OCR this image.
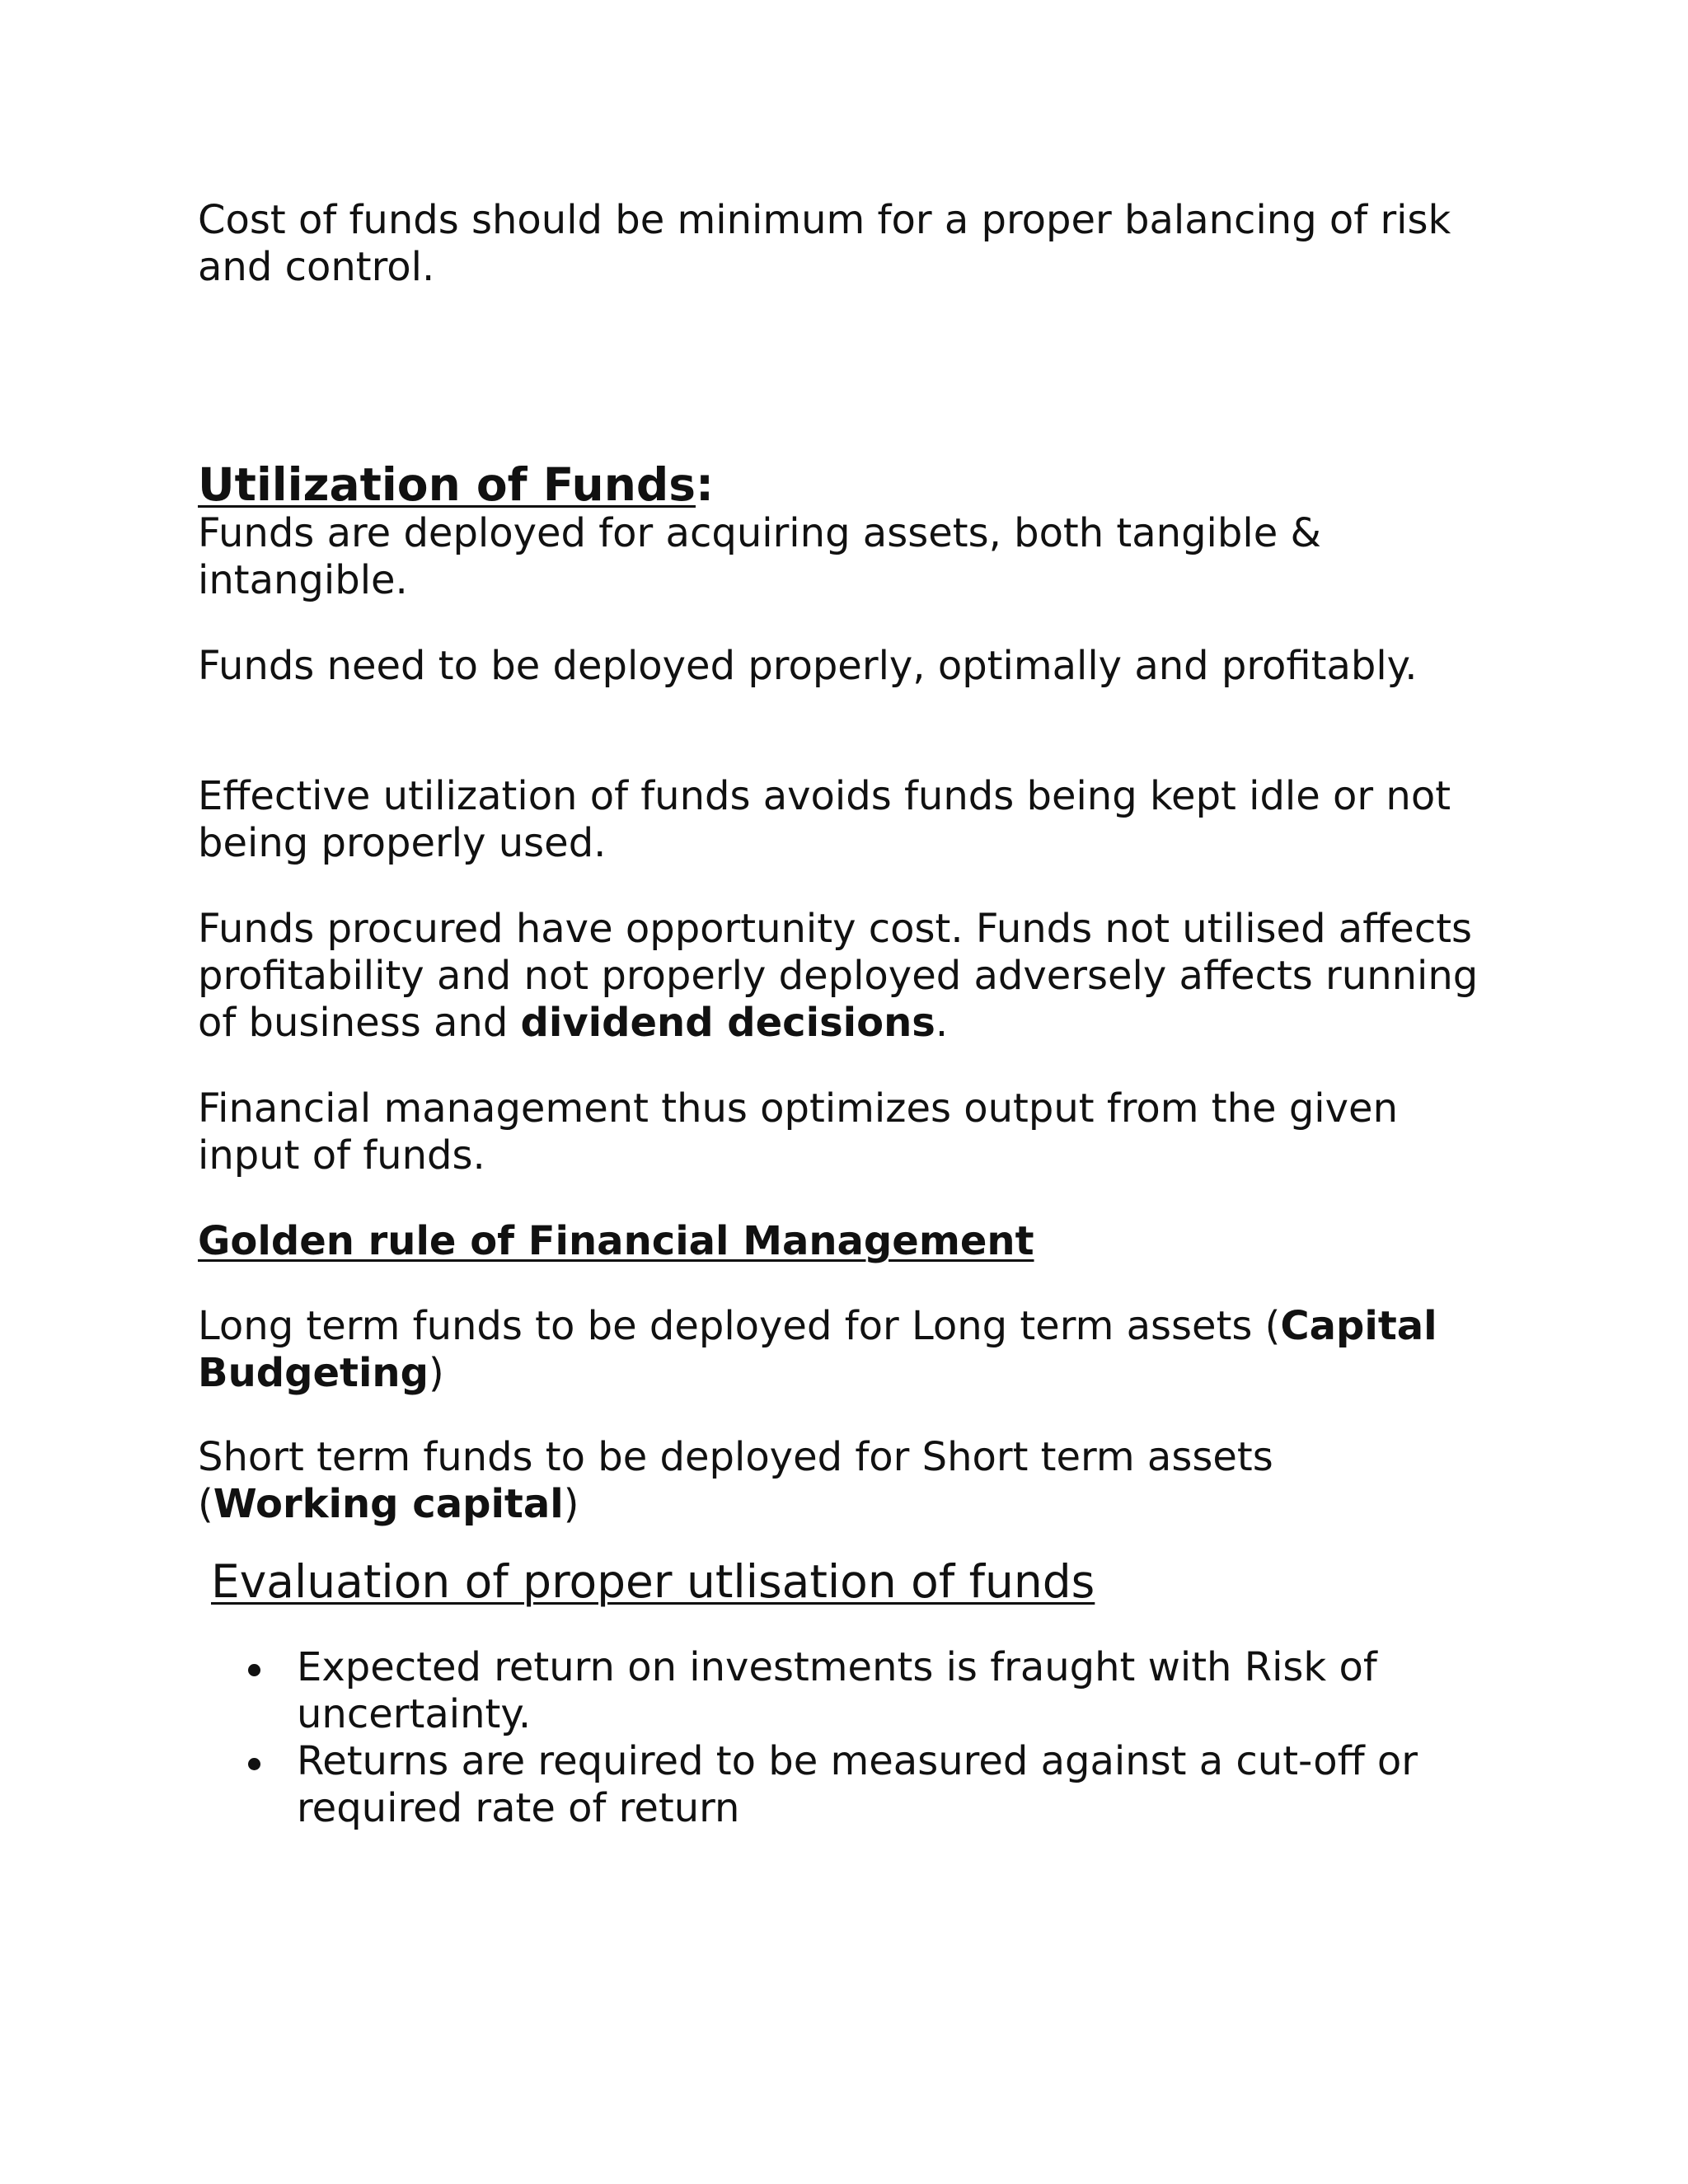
Cost of funds should be minimum for a proper balancing of risk and control.

Utilization of Funds:

Funds are deployed for acquiring assets, both tangible & intangible.

Funds need to be deployed properly, optimally and profitably.

Effective utilization of funds avoids funds being kept idle or not being properly used.

Funds procured have opportunity cost. Funds not utilised affects profitability and not properly deployed adversely affects running of business and dividend decisions.

Financial management thus optimizes output from the given input of funds.

Golden rule of Financial Management

Long term funds to be deployed for Long term assets (Capital Budgeting)

Short term funds to be deployed for Short term assets (Working capital)

Evaluation of proper utlisation of funds

Expected return on investments is fraught with Risk of uncertainty.
Returns are required to be measured against a cut-off or required rate of return
